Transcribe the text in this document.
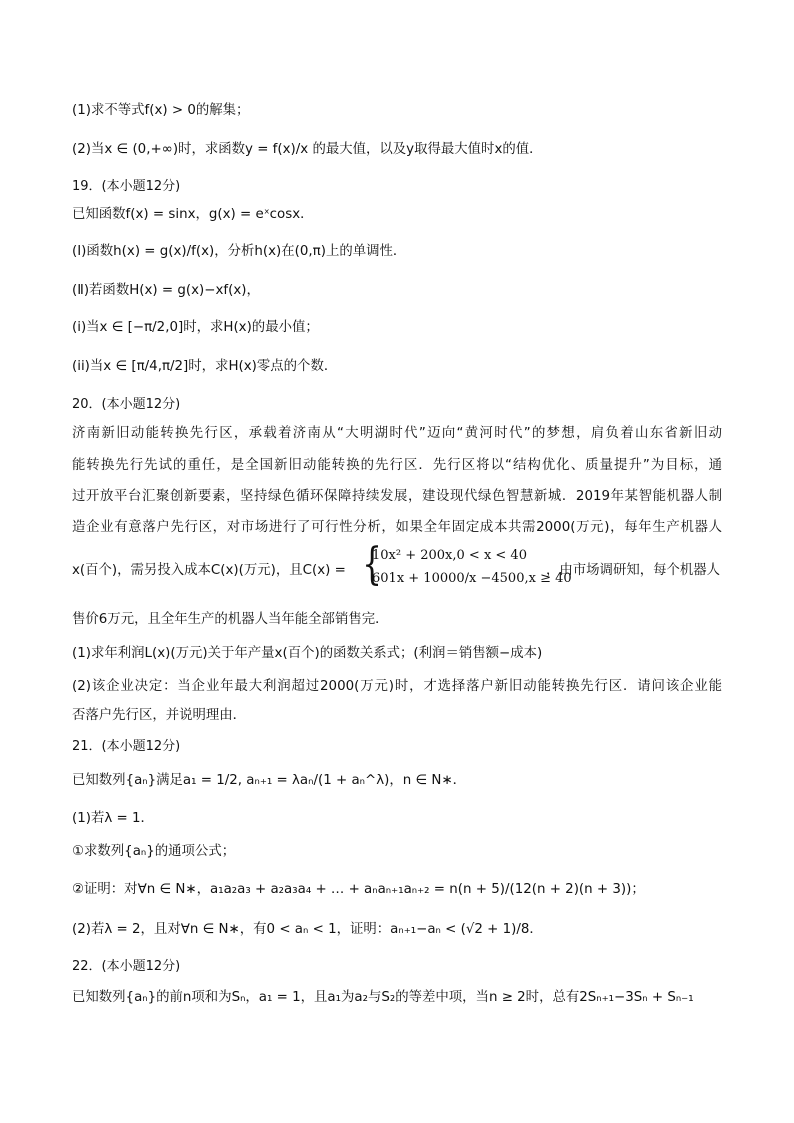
(1)求不等式f(x) > 0的解集；
(2)当x ∈ (0,+∞)时，求函数y = f(x)/x 的最大值，以及y取得最大值时x的值．
19．(本小题12分)
已知函数f(x) = sinx，g(x) = eˣcosx．
(Ⅰ)函数h(x) = g(x)/f(x)，分析h(x)在(0,π)上的单调性．
(Ⅱ)若函数H(x) = g(x)−xf(x)，
(i)当x ∈ [−π/2,0]时，求H(x)的最小值；
(ii)当x ∈ [π/4,π/2]时，求H(x)零点的个数．
20．(本小题12分)
济南新旧动能转换先行区，承载着济南从“大明湖时代”迈向“黄河时代”的梦想，肩负着山东省新旧动
能转换先行先试的重任，是全国新旧动能转换的先行区．先行区将以“结构优化、质量提升”为目标，通
过开放平台汇聚创新要素，坚持绿色循环保障持续发展，建设现代绿色智慧新城．2019年某智能机器人制
造企业有意落户先行区，对市场进行了可行性分析，如果全年固定成本共需2000(万元)，每年生产机器人
x(百个)，需另投入成本C(x)(万元)，且C(x) = {
10x² + 200x,0 < x < 40
601x + 10000/x −4500,x ≥ 40
，由市场调研知，每个机器人
售价6万元，且全年生产的机器人当年能全部销售完．
(1)求年利润L(x)(万元)关于年产量x(百个)的函数关系式；(利润＝销售额−成本)
(2)该企业决定：当企业年最大利润超过2000(万元)时，才选择落户新旧动能转换先行区．请问该企业能
否落户先行区，并说明理由．
21．(本小题12分)
已知数列{aₙ}满足a₁ = 1/2, aₙ₊₁ = λaₙ/(1 + aₙ^λ)，n ∈ N∗．
(1)若λ = 1．
①求数列{aₙ}的通项公式；
②证明：对∀n ∈ N∗，a₁a₂a₃ + a₂a₃a₄ + … + aₙaₙ₊₁aₙ₊₂ = n(n + 5)/(12(n + 2)(n + 3))；
(2)若λ = 2，且对∀n ∈ N∗，有0 < aₙ < 1，证明：aₙ₊₁−aₙ < (√2 + 1)/8．
22．(本小题12分)
已知数列{aₙ}的前n项和为Sₙ，a₁ = 1，且a₁为a₂与S₂的等差中项，当n ≥ 2时，总有2Sₙ₊₁−3Sₙ + Sₙ₋₁
